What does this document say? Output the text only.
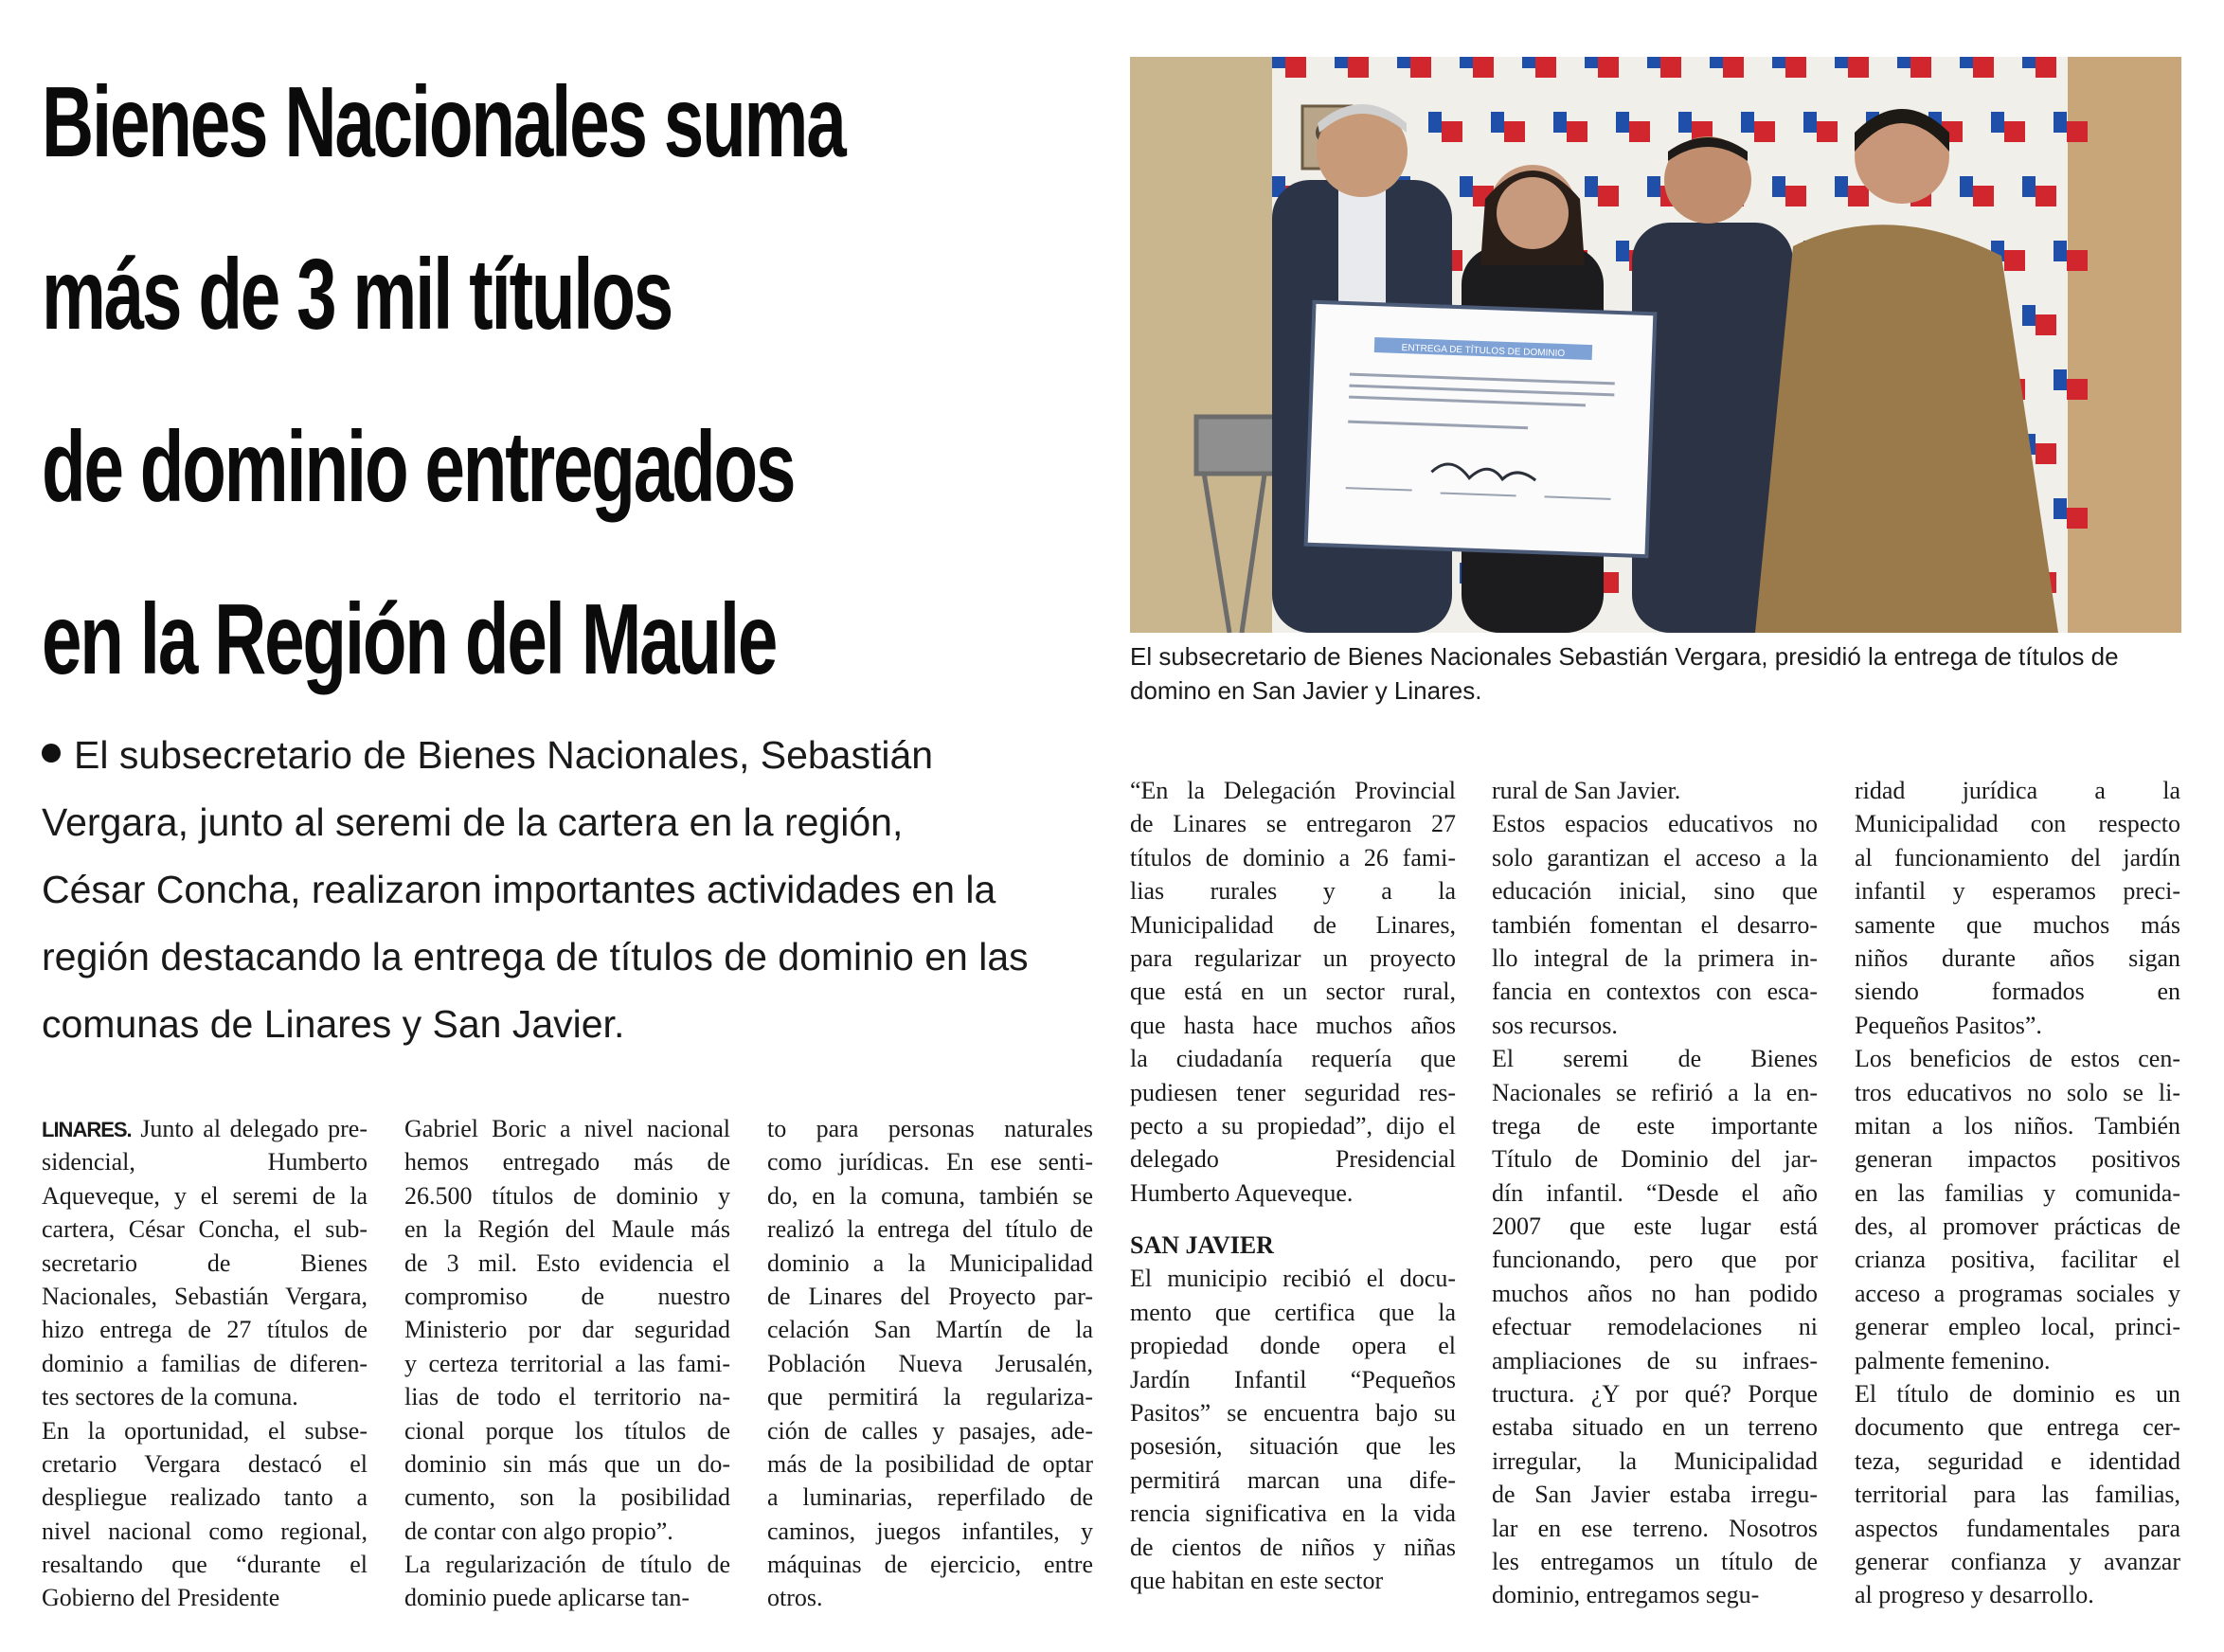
Bienes Nacionales suma
más de 3 mil títulos
de dominio entregados
en la Región del Maule
ENTREGA DE TÍTULOS DE DOMINIO

El subsecretario de Bienes Nacionales Sebastián Vergara, presidió la entrega de títulos de domino en San Javier y Linares.

El subsecretario de Bienes Nacionales, Sebastián
Vergara, junto al seremi de la cartera en la región,
César Concha, realizaron importantes actividades en la
región destacando la entrega de títulos de dominio en las
comunas de Linares y San Javier.
LINARES. Junto al delegado pre-
sidencial, Humberto
Aqueveque, y el seremi de la
cartera, César Concha, el sub-
secretario de Bienes
Nacionales, Sebastián Vergara,
hizo entrega de 27 títulos de
dominio a familias de diferen-
tes sectores de la comuna.
En la oportunidad, el subse-
cretario Vergara destacó el
despliegue realizado tanto a
nivel nacional como regional,
resaltando que “durante el
Gobierno del Presidente
Gabriel Boric a nivel nacional
hemos entregado más de
26.500 títulos de dominio y
en la Región del Maule más
de 3 mil. Esto evidencia el
compromiso de nuestro
Ministerio por dar seguridad
y certeza territorial a las fami-
lias de todo el territorio na-
cional porque los títulos de
dominio sin más que un do-
cumento, son la posibilidad
de contar con algo propio”.
La regularización de título de
dominio puede aplicarse tan-
to para personas naturales
como jurídicas. En ese senti-
do, en la comuna, también se
realizó la entrega del título de
dominio a la Municipalidad
de Linares del Proyecto par-
celación San Martín de la
Población Nueva Jerusalén,
que permitirá la regulariza-
ción de calles y pasajes, ade-
más de la posibilidad de optar
a luminarias, reperfilado de
caminos, juegos infantiles, y
máquinas de ejercicio, entre
otros.
“En la Delegación Provincial
de Linares se entregaron 27
títulos de dominio a 26 fami-
lias rurales y a la
Municipalidad de Linares,
para regularizar un proyecto
que está en un sector rural,
que hasta hace muchos años
la ciudadanía requería que
pudiesen tener seguridad res-
pecto a su propiedad”, dijo el
delegado Presidencial
Humberto Aqueveque.
SAN JAVIER
El municipio recibió el docu-
mento que certifica que la
propiedad donde opera el
Jardín Infantil “Pequeños
Pasitos” se encuentra bajo su
posesión, situación que les
permitirá marcan una dife-
rencia significativa en la vida
de cientos de niños y niñas
que habitan en este sector
rural de San Javier.
Estos espacios educativos no
solo garantizan el acceso a la
educación inicial, sino que
también fomentan el desarro-
llo integral de la primera in-
fancia en contextos con esca-
sos recursos.
El seremi de Bienes
Nacionales se refirió a la en-
trega de este importante
Título de Dominio del jar-
dín infantil. “Desde el año
2007 que este lugar está
funcionando, pero que por
muchos años no han podido
efectuar remodelaciones ni
ampliaciones de su infraes-
tructura. ¿Y por qué? Porque
estaba situado en un terreno
irregular, la Municipalidad
de San Javier estaba irregu-
lar en ese terreno. Nosotros
les entregamos un título de
dominio, entregamos segu-
ridad jurídica a la
Municipalidad con respecto
al funcionamiento del jardín
infantil y esperamos preci-
samente que muchos más
niños durante años sigan
siendo formados en
Pequeños Pasitos”.
Los beneficios de estos cen-
tros educativos no solo se li-
mitan a los niños. También
generan impactos positivos
en las familias y comunida-
des, al promover prácticas de
crianza positiva, facilitar el
acceso a programas sociales y
generar empleo local, princi-
palmente femenino.
El título de dominio es un
documento que entrega cer-
teza, seguridad e identidad
territorial para las familias,
aspectos fundamentales para
generar confianza y avanzar
al progreso y desarrollo.
